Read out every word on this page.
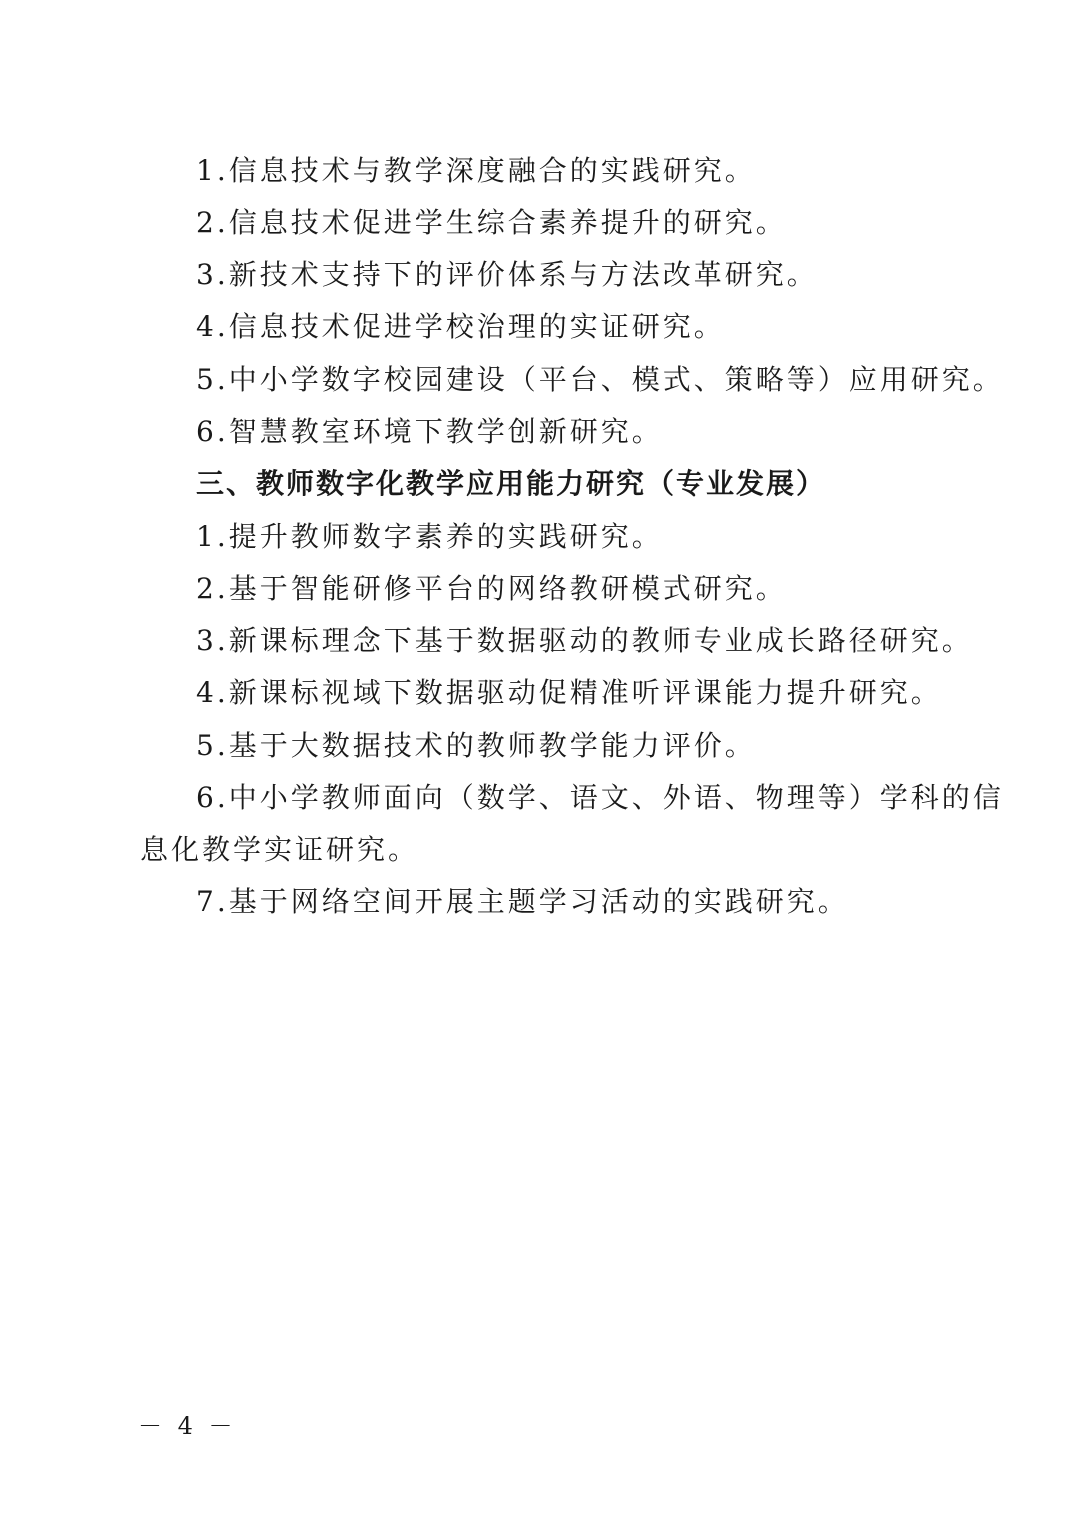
1.信息技术与教学深度融合的实践研究。
2.信息技术促进学生综合素养提升的研究。
3.新技术支持下的评价体系与方法改革研究。
4.信息技术促进学校治理的实证研究。
5.中小学数字校园建设（平台、模式、策略等）应用研究。
6.智慧教室环境下教学创新研究。
三、教师数字化教学应用能力研究（专业发展）
1.提升教师数字素养的实践研究。
2.基于智能研修平台的网络教研模式研究。
3.新课标理念下基于数据驱动的教师专业成长路径研究。
4.新课标视域下数据驱动促精准听评课能力提升研究。
5.基于大数据技术的教师教学能力评价。
6.中小学教师面向（数学、语文、外语、物理等）学科的信
息化教学实证研究。
7.基于网络空间开展主题学习活动的实践研究。
－ 4 －
